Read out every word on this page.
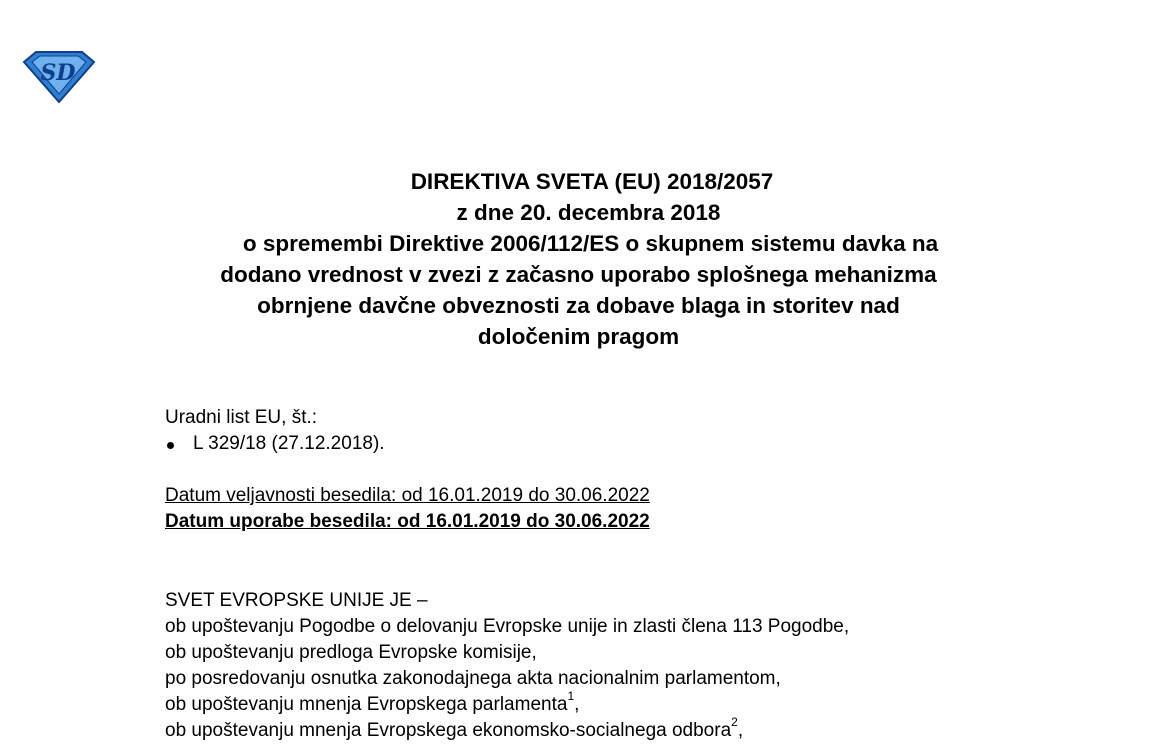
SD
DIREKTIVA SVETA (EU) 2018/2057
z dne 20. decembra 2018
o spremembi Direktive 2006/112/ES o skupnem sistemu davka na
dodano vrednost v zvezi z začasno uporabo splošnega mehanizma
obrnjene davčne obveznosti za dobave blaga in storitev nad
določenim pragom
Uradni list EU, št.:
L 329/18 (27.12.2018).
Datum veljavnosti besedila: od 16.01.2019 do 30.06.2022
Datum uporabe besedila: od 16.01.2019 do 30.06.2022
SVET EVROPSKE UNIJE JE –
ob upoštevanju Pogodbe o delovanju Evropske unije in zlasti člena 113 Pogodbe,
ob upoštevanju predloga Evropske komisije,
po posredovanju osnutka zakonodajnega akta nacionalnim parlamentom,
ob upoštevanju mnenja Evropskega parlamenta$^1$,
ob upoštevanju mnenja Evropskega ekonomsko-socialnega odbora$^2$,
